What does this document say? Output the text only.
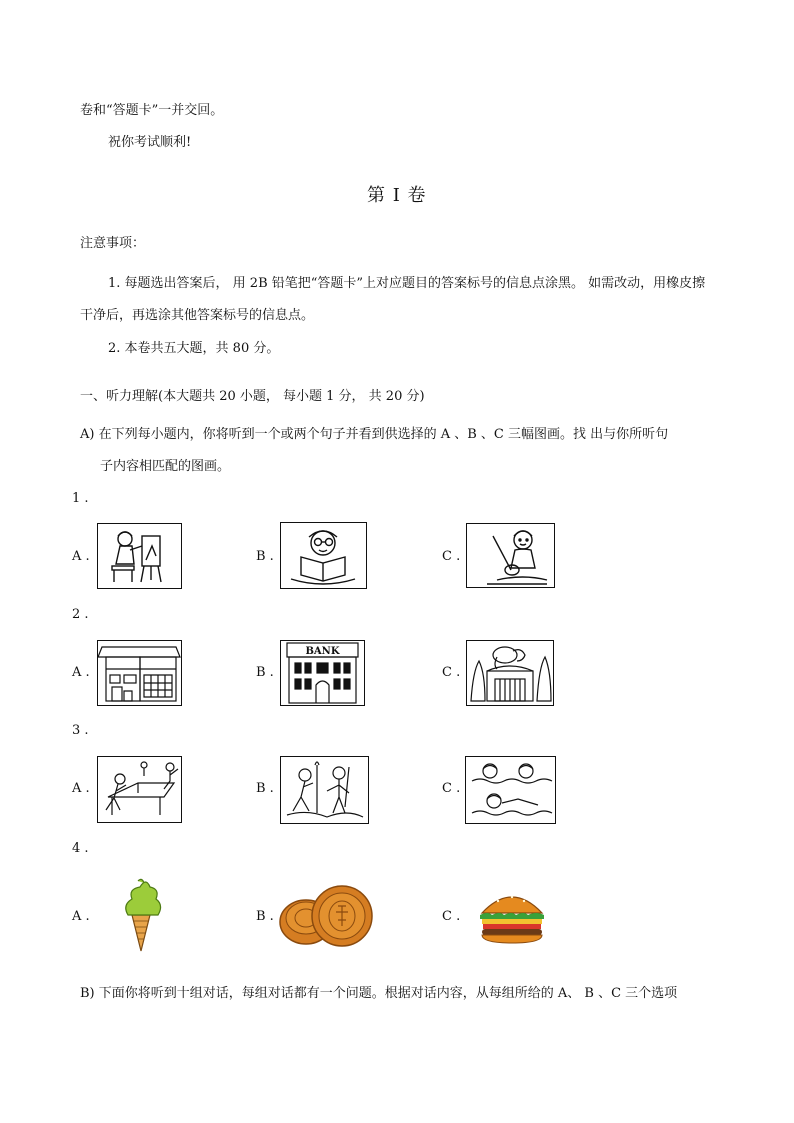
卷和“答题卡”一并交回。
祝你考试顺利!
第 I 卷
注意事项：
1. 每题选出答案后， 用 2B 铅笔把“答题卡”上对应题目的答案标号的信息点涂黑。 如需改动，用橡皮擦
干净后，再选涂其他答案标号的信息点。
2. 本卷共五大题，共 80 分。
一、听力理解(本大题共 20 小题， 每小题 1 分， 共 20 分)
A) 在下列每小题内，你将听到一个或两个句子并看到供选择的 A 、B 、C 三幅图画。找 出与你所听句
子内容相匹配的图画。
1 .
A .	B .	C .
2 .
A .	B .
BANK
C .
3 .
A .	B .	C .
4 .
A .	B .	C .
B) 下面你将听到十组对话，每组对话都有一个问题。根据对话内容，从每组所给的 A、 B 、C 三个选项
